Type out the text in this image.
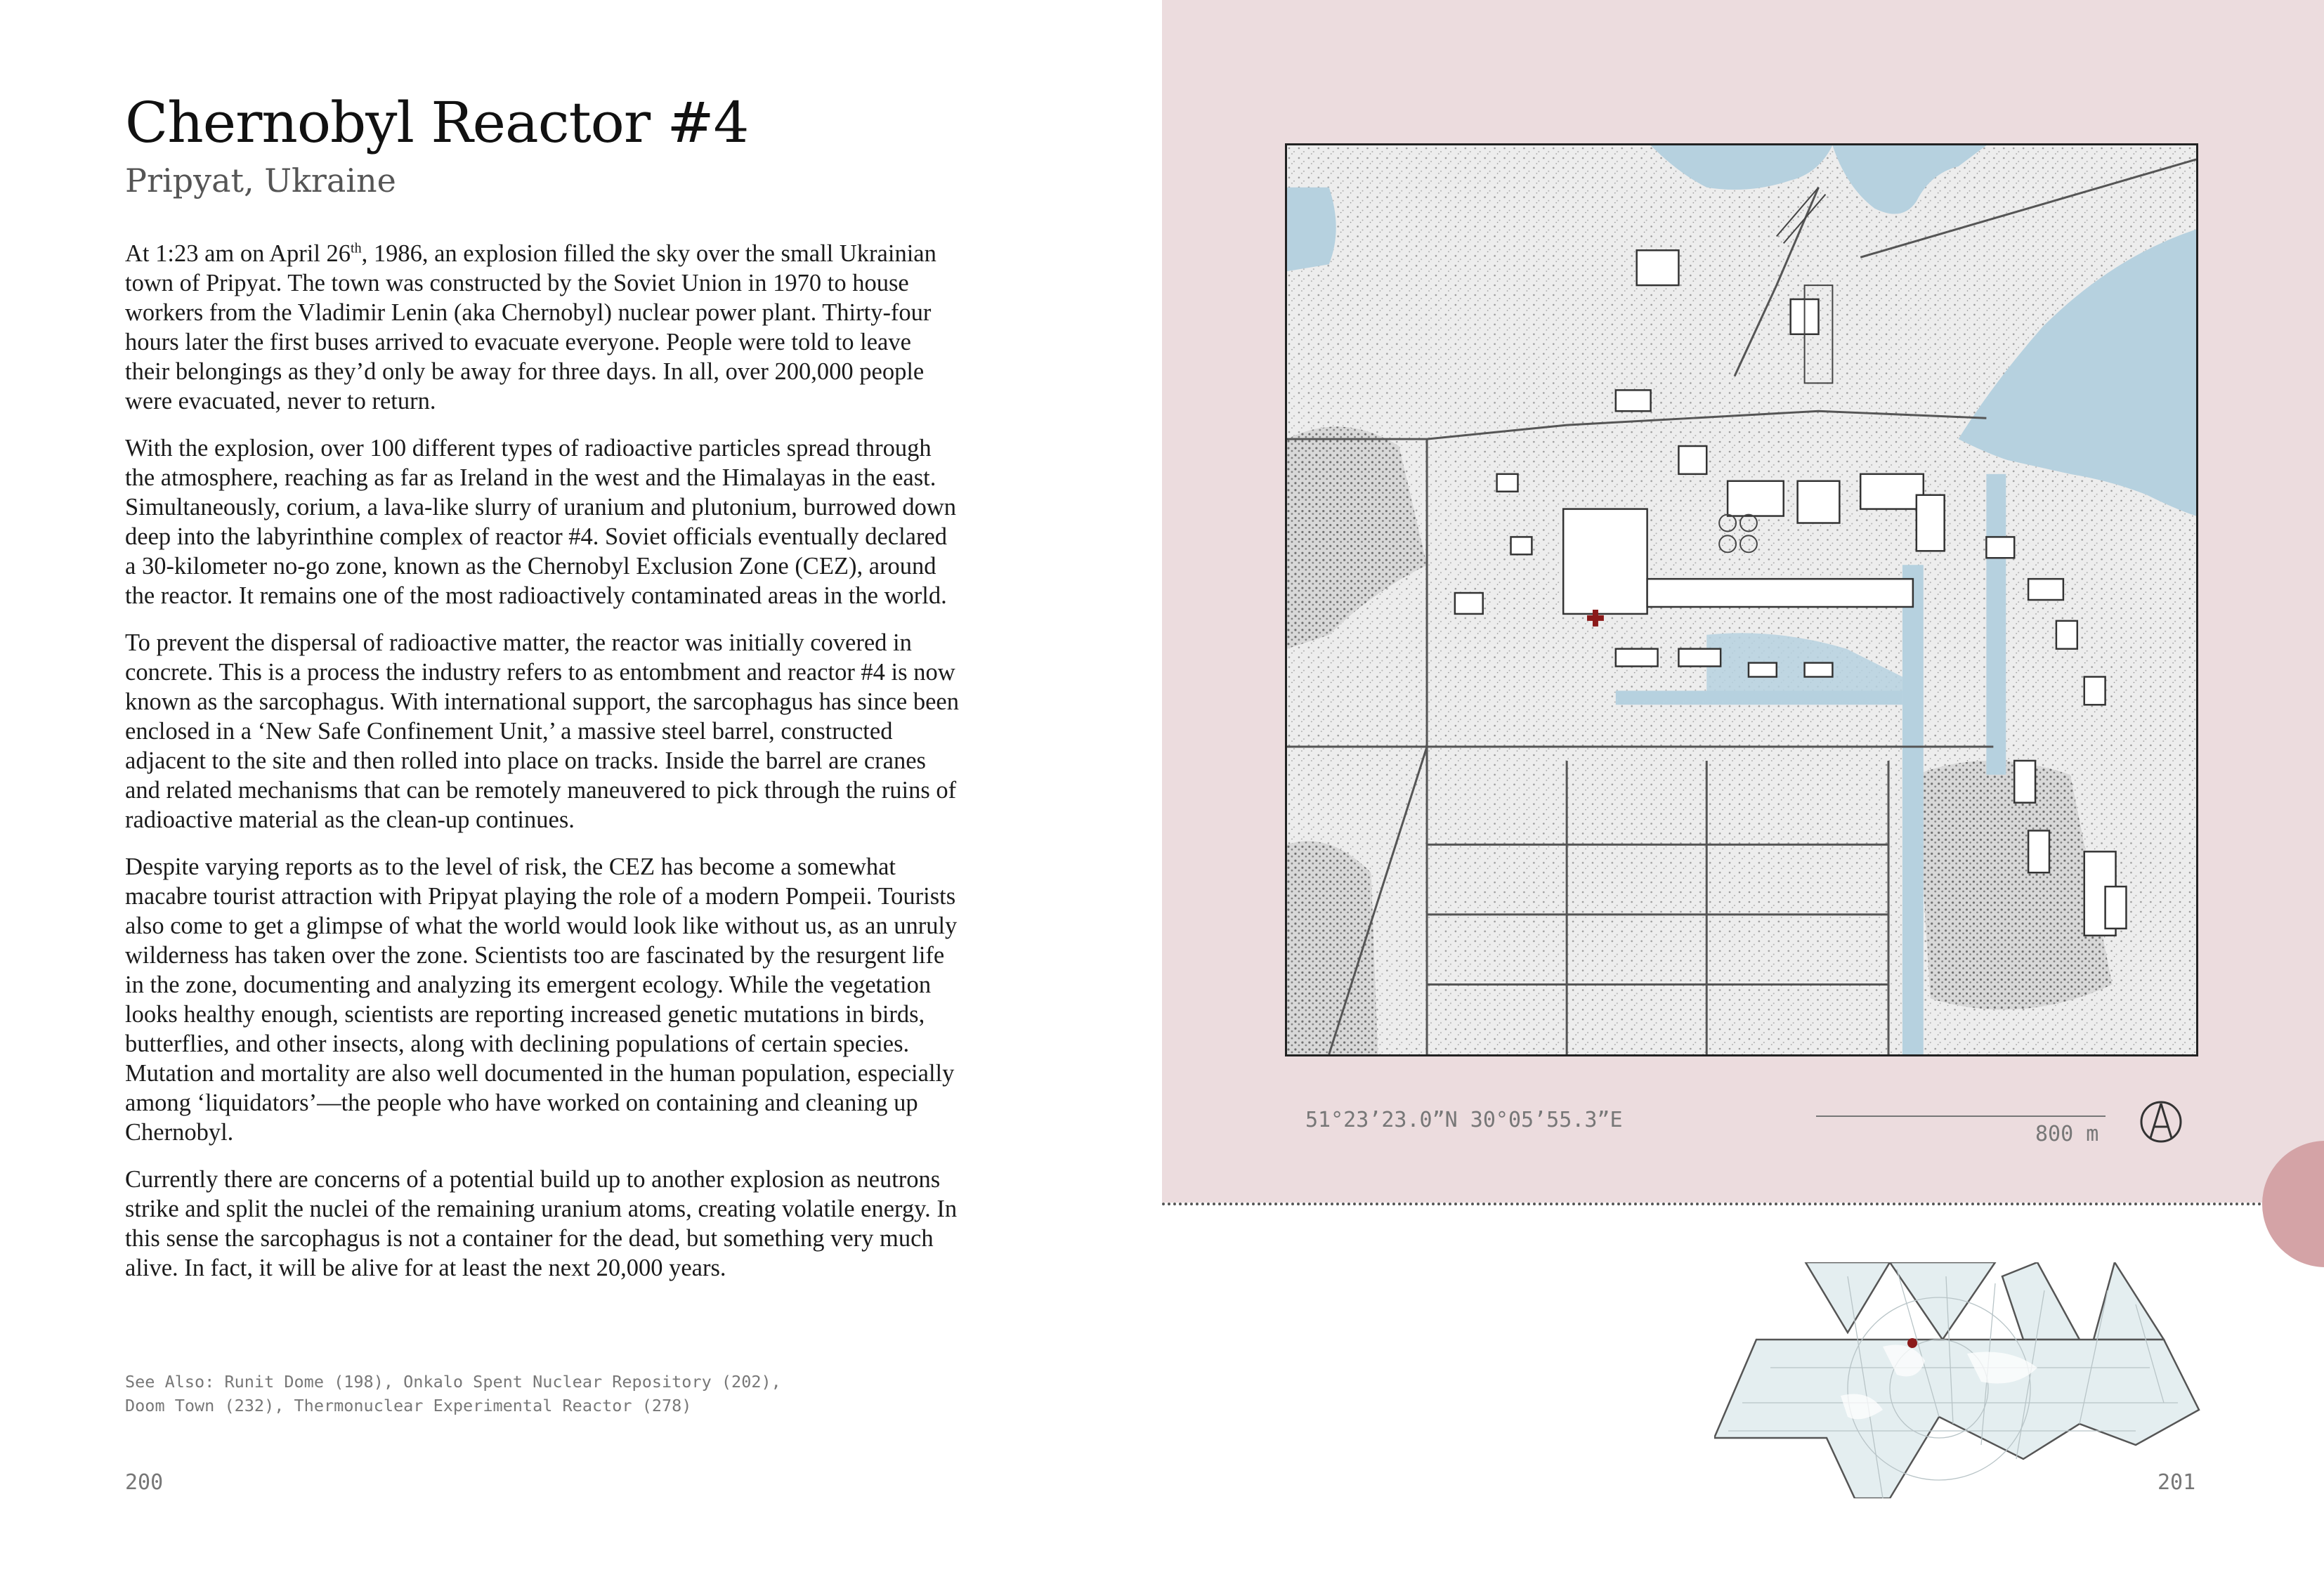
Chernobyl Reactor #4
Pripyat, Ukraine

At 1:23 am on April 26th, 1986, an explosion filled the sky over the small Ukrainian town of Pripyat. The town was constructed by the Soviet Union in 1970 to house workers from the Vladimir Lenin (aka Chernobyl) nuclear power plant. Thirty-four hours later the first buses arrived to evacuate everyone. People were told to leave their belongings as they’d only be away for three days. In all, over 200,000 people were evacuated, never to return.

With the explosion, over 100 different types of radioactive particles spread through the atmosphere, reaching as far as Ireland in the west and the Himalayas in the east. Simultaneously, corium, a lava-like slurry of uranium and plutonium, burrowed down deep into the labyrinthine complex of reactor #4. Soviet officials eventually declared a 30-kilometer no-go zone, known as the Chernobyl Exclusion Zone (CEZ), around the reactor. It remains one of the most radioactively contaminated areas in the world.

To prevent the dispersal of radioactive matter, the reactor was initially covered in concrete. This is a process the industry refers to as entombment and reactor #4 is now known as the sarcophagus. With international support, the sarcophagus has since been enclosed in a ‘New Safe Confinement Unit,’ a massive steel barrel, constructed adjacent to the site and then rolled into place on tracks. Inside the barrel are cranes and related mechanisms that can be remotely maneuvered to pick through the ruins of radioactive material as the clean-up continues.

Despite varying reports as to the level of risk, the CEZ has become a somewhat macabre tourist attraction with Pripyat playing the role of a modern Pompeii. Tourists also come to get a glimpse of what the world would look like without us, as an unruly wilderness has taken over the zone. Scientists too are fascinated by the resurgent life in the zone, documenting and analyzing its emergent ecology. While the vegetation looks healthy enough, scientists are reporting increased genetic mutations in birds, butterflies, and other insects, along with declining populations of certain species. Mutation and mortality are also well documented in the human population, especially among ‘liquidators’—the people who have worked on containing and cleaning up Chernobyl.

Currently there are concerns of a potential build up to another explosion as neutrons strike and split the nuclei of the remaining uranium atoms, creating volatile energy. In this sense the sarcophagus is not a container for the dead, but something very much alive. In fact, it will be alive for at least the next 20,000 years.

See Also: Runit Dome (198), Onkalo Spent Nuclear Repository (202),
Doom Town (232), Thermonuclear Experimental Reactor (278)
200	201
51°23’23.0”N 30°05’55.3”E
800 m
